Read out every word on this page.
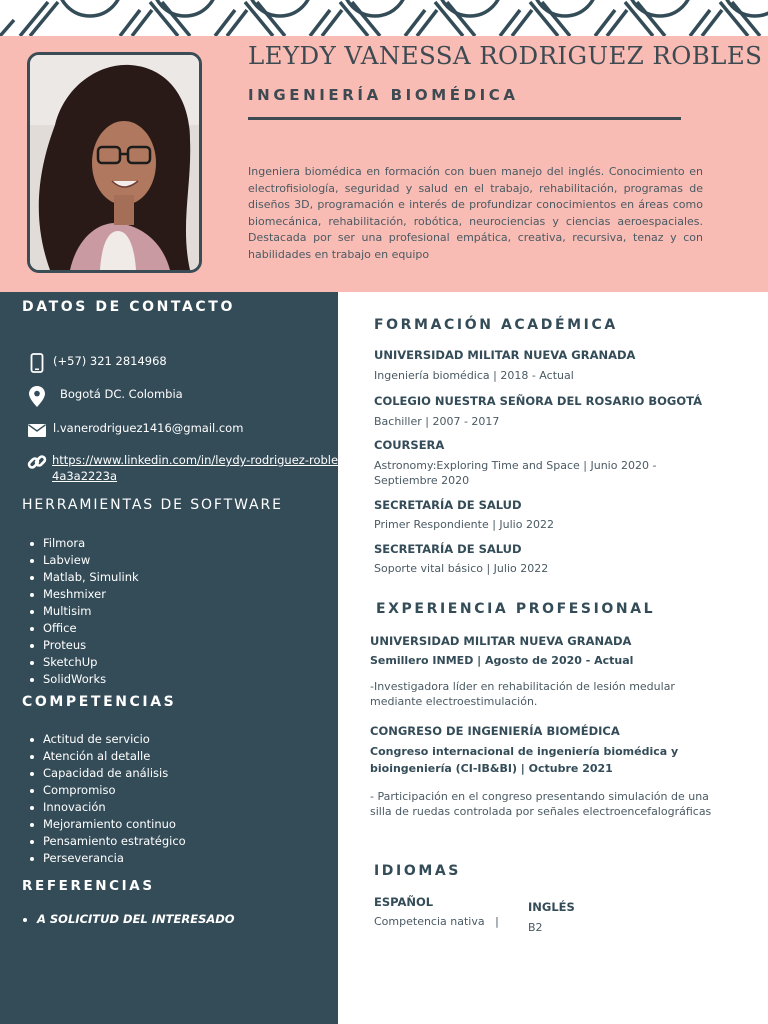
LEYDY VANESSA RODRIGUEZ ROBLES
INGENIERÍA BIOMÉDICA
Ingeniera biomédica en formación con buen manejo del inglés. Conocimiento en electrofisiología, seguridad y salud en el trabajo, rehabilitación, programas de diseños 3D, programación e interés de profundizar conocimientos en áreas como biomecánica, rehabilitación, robótica, neurociencias y ciencias aeroespaciales. Destacada por ser una profesional empática, creativa, recursiva, tenaz y con habilidades en trabajo en equipo
DATOS DE CONTACTO
(+57) 321 2814968
Bogotá DC. Colombia
l.vanerodriguez1416@gmail.com
https://www.linkedin.com/in/leydy-rodriguez-robles-4a3a2223a
HERRAMIENTAS DE SOFTWARE
Filmora
Labview
Matlab, Simulink
Meshmixer
Multisim
Office
Proteus
SketchUp
SolidWorks
COMPETENCIAS
Actitud de servicio
Atención al detalle
Capacidad de análisis
Compromiso
Innovación
Mejoramiento continuo
Pensamiento estratégico
Perseverancia
REFERENCIAS
A SOLICITUD DEL INTERESADO
FORMACIÓN ACADÉMICA
UNIVERSIDAD MILITAR NUEVA GRANADA
Ingeniería biomédica | 2018 - Actual
COLEGIO NUESTRA SEÑORA DEL ROSARIO BOGOTÁ
Bachiller | 2007 - 2017
COURSERA
Astronomy:Exploring Time and Space | Junio 2020 - Septiembre 2020
SECRETARÍA DE SALUD
Primer Respondiente | Julio 2022
SECRETARÍA DE SALUD
Soporte vital básico | Julio 2022
EXPERIENCIA PROFESIONAL
UNIVERSIDAD MILITAR NUEVA GRANADA
Semillero INMED | Agosto de 2020 - Actual
-Investigadora líder en rehabilitación de lesión medular mediante electroestimulación.
CONGRESO DE INGENIERÍA BIOMÉDICA
Congreso internacional de ingeniería biomédica y bioingeniería (CI-IB&BI) | Octubre 2021
- Participación en el congreso presentando simulación de una silla de ruedas controlada por señales electroencefalográficas
IDIOMAS
ESPAÑOL
Competencia nativa   |
INGLÉS
B2
